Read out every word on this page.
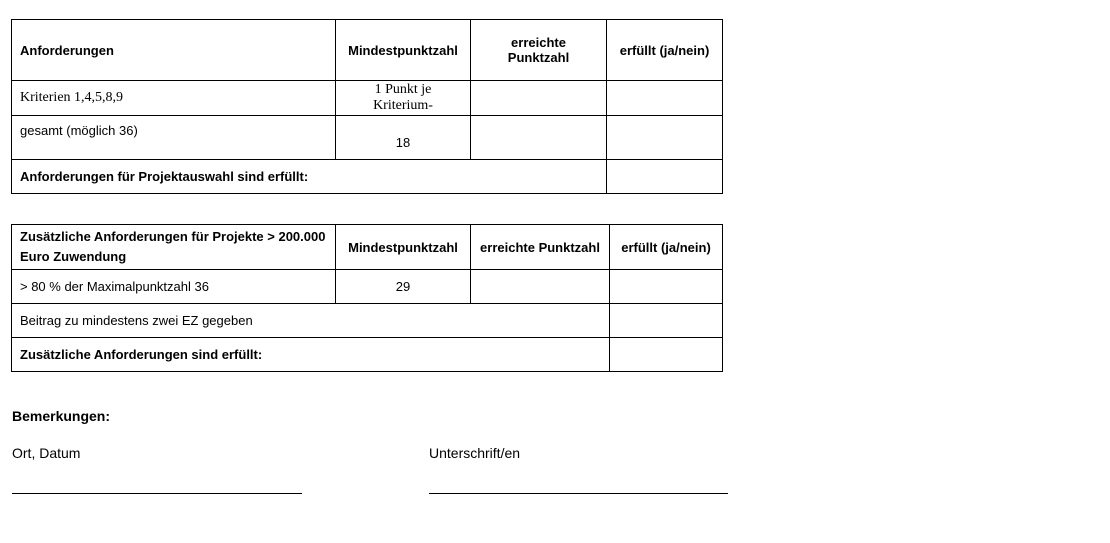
Anforderungen	Mindestpunktzahl	erreichte Punktzahl	erfüllt (ja/nein)
Kriterien 1,4,5,8,9	1 Punkt je Kriterium-		
gesamt (möglich 36)	18		
Anforderungen für Projektauswahl sind erfüllt:			
Zusätzliche Anforderungen für Projekte > 200.000 Euro Zuwendung	Mindestpunktzahl	erreichte Punktzahl	erfüllt (ja/nein)
> 80 % der Maximalpunktzahl 36	29		
Beitrag zu mindestens zwei EZ gegeben			
Zusätzliche Anforderungen sind erfüllt:			
Bemerkungen:
Ort, Datum	Unterschrift/en
